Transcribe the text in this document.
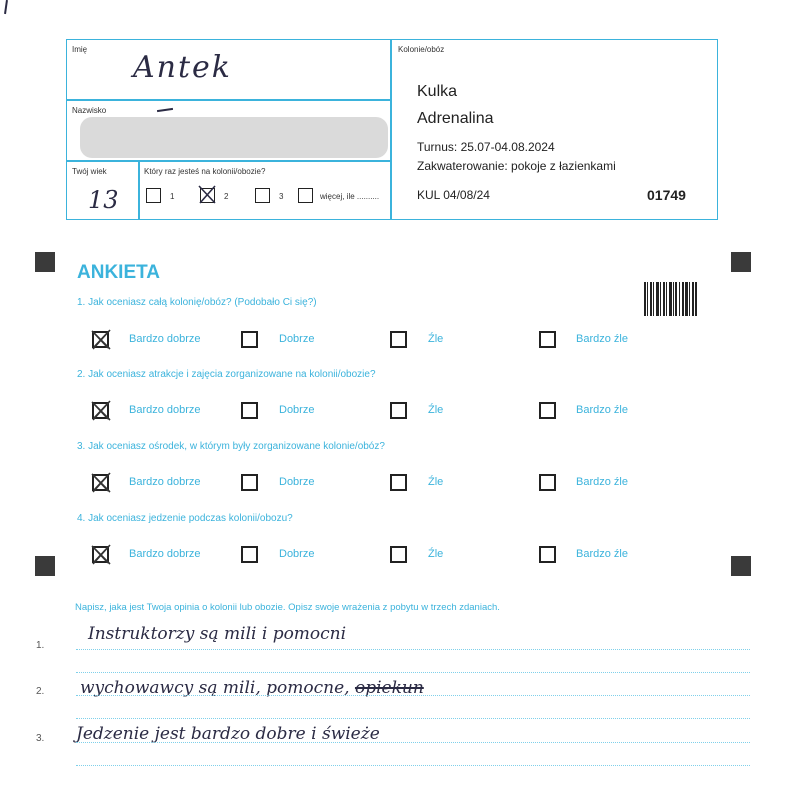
Imię
Antek
Nazwisko
Twój wiek
13
Który raz jesteś na kolonii/obozie?
1	2	3	więcej, ile ..........
Kolonie/obóz
Kulka
Adrenalina
Turnus: 25.07-04.08.2024
Zakwaterowanie: pokoje z łazienkami
KUL 04/08/24	01749
ANKIETA
1. Jak oceniasz całą kolonię/obóz? (Podobało Ci się?)
Bardzo dobrze	Dobrze	Źle	Bardzo źle
2. Jak oceniasz atrakcje i zajęcia zorganizowane na kolonii/obozie?
Bardzo dobrze	Dobrze	Źle	Bardzo źle
3. Jak oceniasz ośrodek, w którym były zorganizowane kolonie/obóz?
Bardzo dobrze	Dobrze	Źle	Bardzo źle
4. Jak oceniasz jedzenie podczas kolonii/obozu?
Bardzo dobrze	Dobrze	Źle	Bardzo źle
Napisz, jaka jest Twoja opinia o kolonii lub obozie. Opisz swoje wrażenia z pobytu w trzech zdaniach.
1.
Instruktorzy są mili i pomocni
2. wychowawcy są mili, pomocne, opiekun
3. Jedzenie jest bardzo dobre i świeże
